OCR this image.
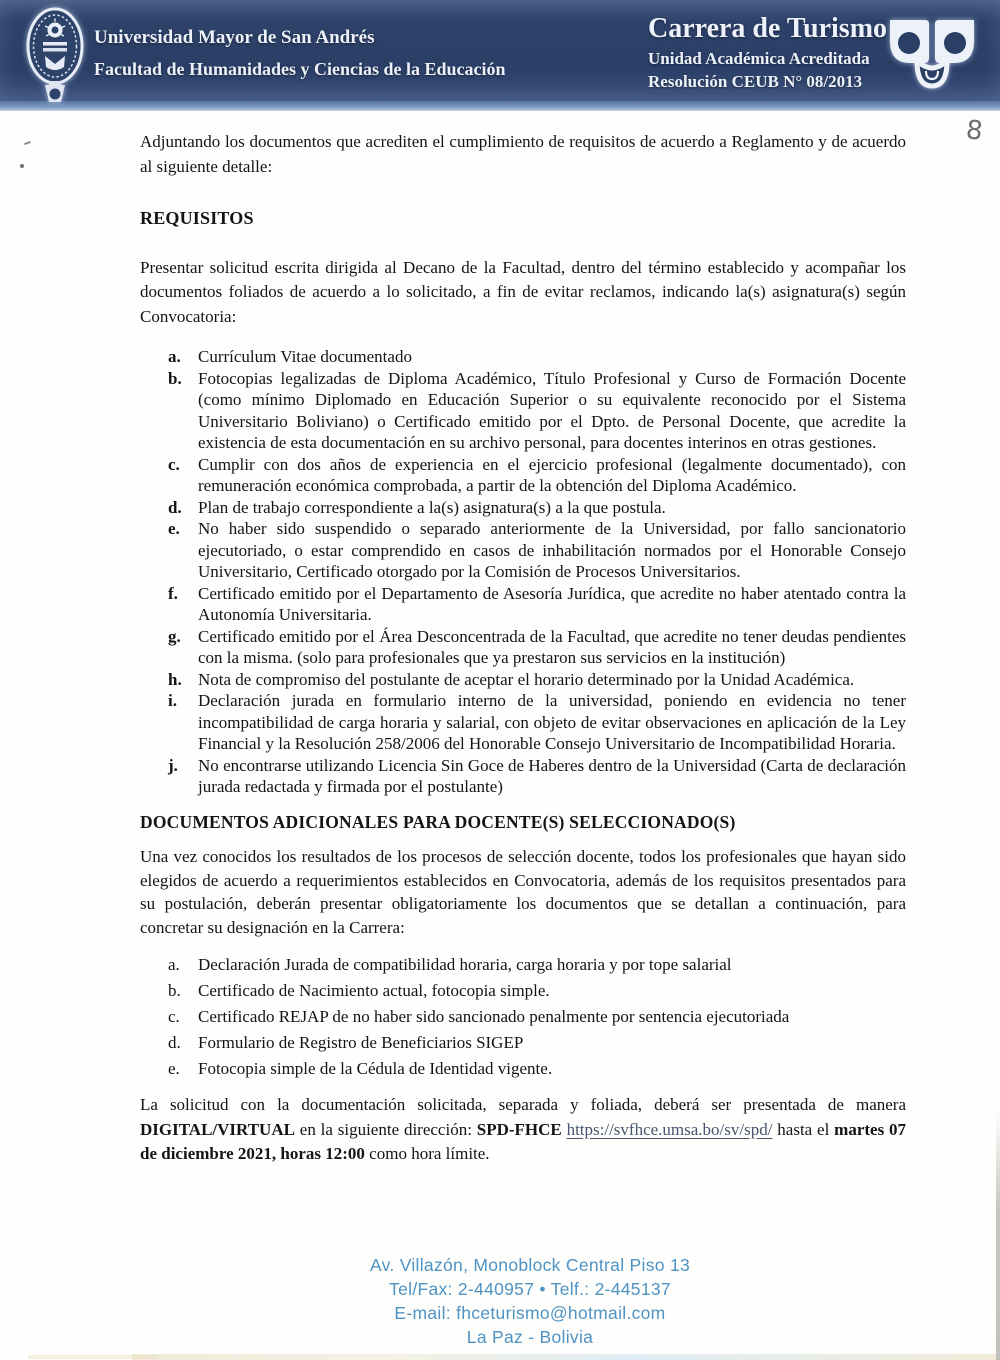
Universidad Mayor de San Andrés
Facultad de Humanidades y Ciencias de la Educación
Carrera de Turismo
Unidad Académica Acreditada
Resolución CEUB N° 08/2013
8

Adjuntando los documentos que acrediten el cumplimiento de requisitos de acuerdo a Reglamento y de acuerdo al siguiente detalle:

REQUISITOS

Presentar solicitud escrita dirigida al Decano de la Facultad, dentro del término establecido y acompañar los documentos foliados de acuerdo a lo solicitado, a fin de evitar reclamos, indicando la(s) asignatura(s) según Convocatoria:

a. Currículum Vitae documentado
b. Fotocopias legalizadas de Diploma Académico, Título Profesional y Curso de Formación Docente (como mínimo Diplomado en Educación Superior o su equivalente reconocido por el Sistema Universitario Boliviano) o Certificado emitido por el Dpto. de Personal Docente, que acredite la existencia de esta documentación en su archivo personal, para docentes interinos en otras gestiones.
c. Cumplir con dos años de experiencia en el ejercicio profesional (legalmente documentado), con remuneración económica comprobada, a partir de la obtención del Diploma Académico.
d. Plan de trabajo correspondiente a la(s) asignatura(s) a la que postula.
e. No haber sido suspendido o separado anteriormente de la Universidad, por fallo sancionatorio ejecutoriado, o estar comprendido en casos de inhabilitación normados por el Honorable Consejo Universitario, Certificado otorgado por la Comisión de Procesos Universitarios.
f. Certificado emitido por el Departamento de Asesoría Jurídica, que acredite no haber atentado contra la Autonomía Universitaria.
g. Certificado emitido por el Área Desconcentrada de la Facultad, que acredite no tener deudas pendientes con la misma. (solo para profesionales que ya prestaron sus servicios en la institución)
h. Nota de compromiso del postulante de aceptar el horario determinado por la Unidad Académica.
i. Declaración jurada en formulario interno de la universidad, poniendo en evidencia no tener incompatibilidad de carga horaria y salarial, con objeto de evitar observaciones en aplicación de la Ley Financial y la Resolución 258/2006 del Honorable Consejo Universitario de Incompatibilidad Horaria.
j. No encontrarse utilizando Licencia Sin Goce de Haberes dentro de la Universidad (Carta de declaración jurada redactada y firmada por el postulante)
DOCUMENTOS ADICIONALES PARA DOCENTE(S) SELECCIONADO(S)

Una vez conocidos los resultados de los procesos de selección docente, todos los profesionales que hayan sido elegidos de acuerdo a requerimientos establecidos en Convocatoria, además de los requisitos presentados para su postulación, deberán presentar obligatoriamente los documentos que se detallan a continuación, para concretar su designación en la Carrera:

a. Declaración Jurada de compatibilidad horaria, carga horaria y por tope salarial
b. Certificado de Nacimiento actual, fotocopia simple.
c. Certificado REJAP de no haber sido sancionado penalmente por sentencia ejecutoriada
d. Formulario de Registro de Beneficiarios SIGEP
e. Fotocopia simple de la Cédula de Identidad vigente.

La solicitud con la documentación solicitada, separada y foliada, deberá ser presentada de manera DIGITAL/VIRTUAL en la siguiente dirección: SPD-FHCE https://svfhce.umsa.bo/sv/spd/ hasta el martes 07 de diciembre 2021, horas 12:00 como hora límite.

Av. Villazón, Monoblock Central Piso 13
Tel/Fax: 2-440957 • Telf.: 2-445137
E-mail: fhceturismo@hotmail.com
La Paz - Bolivia
